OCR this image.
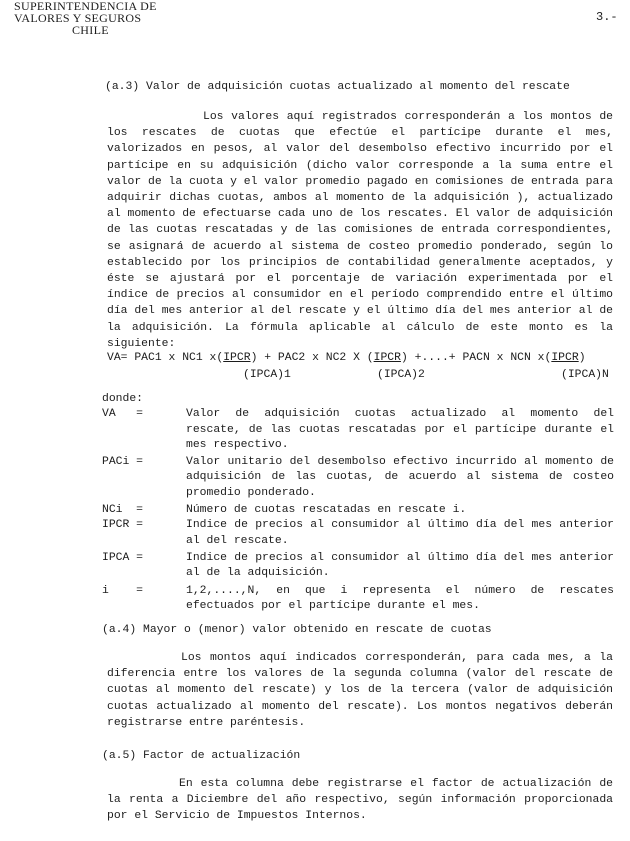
SUPERINTENDENCIA DE
VALORES Y SEGUROS
CHILE
3.-
(a.3) Valor de adquisición cuotas actualizado al momento del rescate

Los valores aquí registrados corresponderán a los montos de los rescates de cuotas que efectúe el partícipe durante el mes, valorizados en pesos, al valor del desembolso efectivo incurrido por el partícipe en su adquisición (dicho valor corresponde a la suma entre el valor de la cuota y el valor promedio pagado en comisiones de entrada para adquirir dichas cuotas, ambos al momento de la adquisición ), actualizado al momento de efectuarse cada uno de los rescates. El valor de adquisición de las cuotas rescatadas y de las comisiones de entrada correspondientes, se asignará de acuerdo al sistema de costeo promedio ponderado, según lo establecido por los principios de contabilidad generalmente aceptados, y éste se ajustará por el porcentaje de variación experimentada por el índice de precios al consumidor en el período comprendido entre el último día del mes anterior al del rescate y el último día del mes anterior al de la adquisición. La fórmula aplicable al cálculo de este monto es la siguiente:

VA= PAC1 x NC1 x(IPCR) + PAC2 x NC2 X (IPCR) +....+ PACN x NCN x(IPCR)
(IPCA)1	(IPCA)2	(IPCA)N
donde:
VA   =	Valor de adquisición cuotas actualizado al momento del rescate, de las cuotas rescatadas por el partícipe durante el mes respectivo.
PACi =	Valor unitario del desembolso efectivo incurrido al momento de adquisición de las cuotas, de acuerdo al sistema de costeo promedio ponderado.
NCi  =	Número de cuotas rescatadas en rescate i.
IPCR =	Indice de precios al consumidor al último día del mes anterior al del rescate.
IPCA =	Indice de precios al consumidor al último día del mes anterior al de la adquisición.
i    =	1,2,....,N, en que i representa el número de rescates efectuados por el partícipe durante el mes.
(a.4) Mayor o (menor) valor obtenido en rescate de cuotas

Los montos aquí indicados corresponderán, para cada mes, a la diferencia entre los valores de la segunda columna (valor del rescate de cuotas al momento del rescate) y los de la tercera (valor de adquisición cuotas actualizado al momento del rescate). Los montos negativos deberán registrarse entre paréntesis.

(a.5) Factor de actualización

En esta columna debe registrarse el factor de actualización de la renta a Diciembre del año respectivo, según información proporcionada por el Servicio de Impuestos Internos.
